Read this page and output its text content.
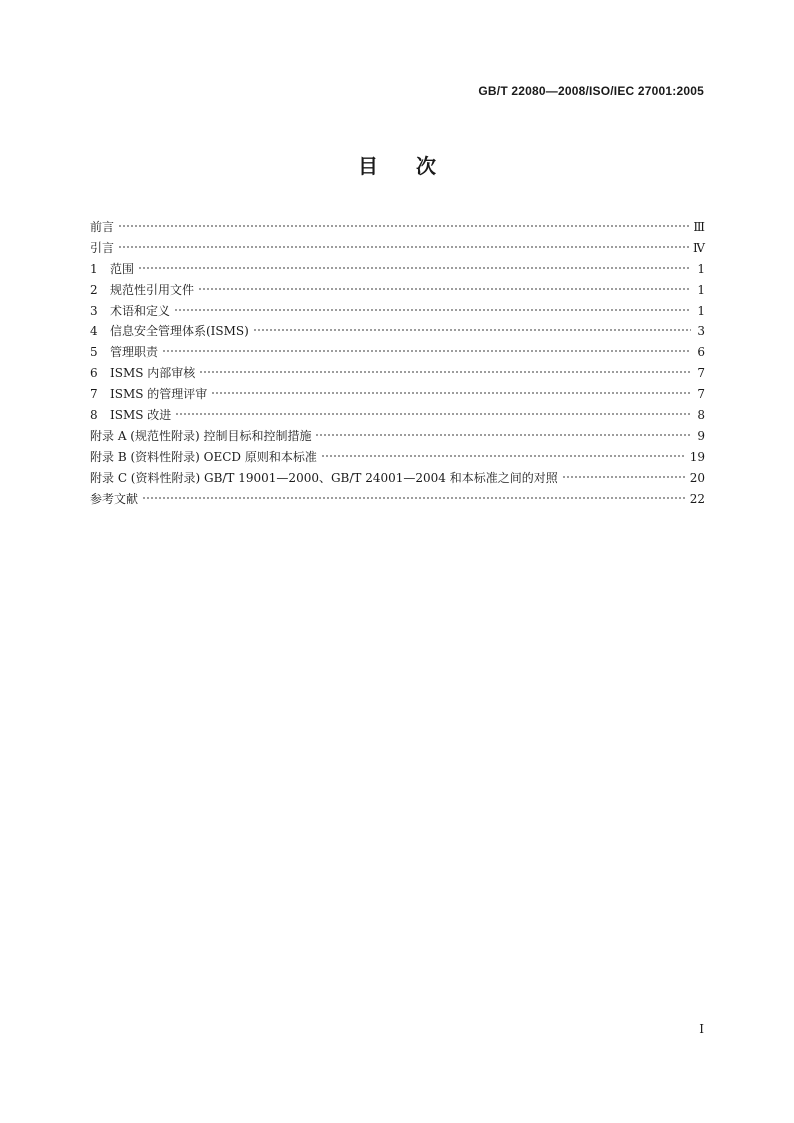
GB/T 22080—2008/ISO/IEC 27001:2005
目次
前言	Ⅲ
引言	Ⅳ
1	范围	1
2	规范性引用文件	1
3	术语和定义	1
4	信息安全管理体系(ISMS)	3
5	管理职责	6
6	ISMS 内部审核	7
7	ISMS 的管理评审	7
8	ISMS 改进	8
附录 A (规范性附录) 控制目标和控制措施	9
附录 B (资料性附录) OECD 原则和本标准	19
附录 C (资料性附录) GB/T 19001—2000、GB/T 24001—2004 和本标准之间的对照	20
参考文献	22
I
